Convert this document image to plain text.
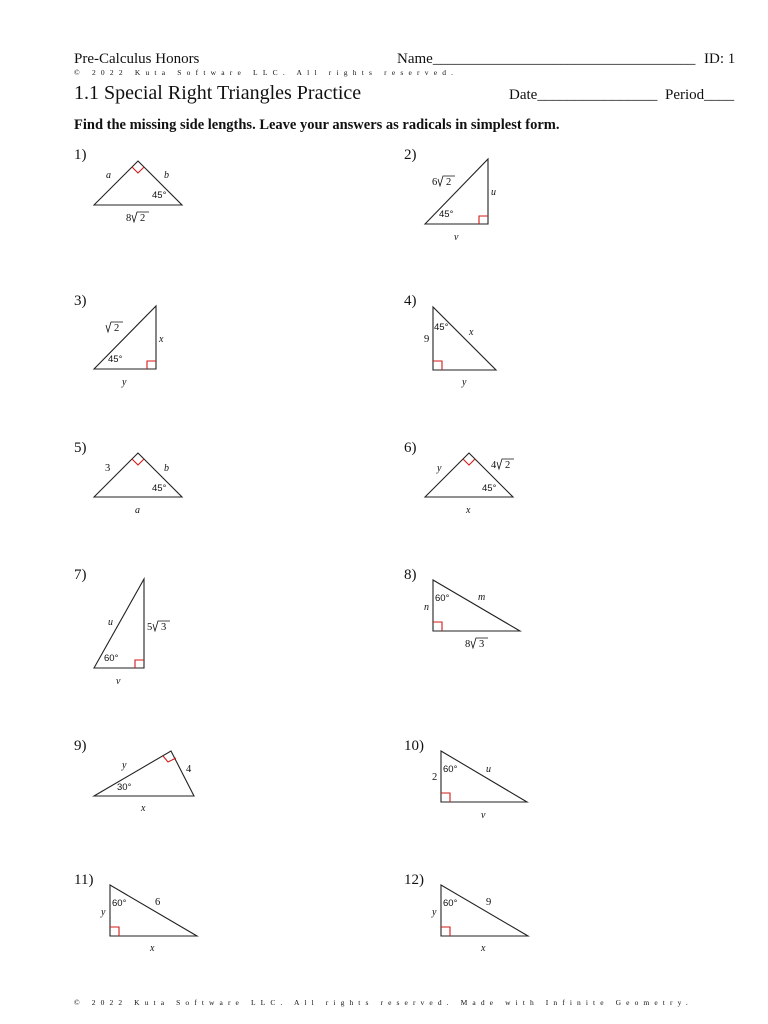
Pre-Calculus Honors	Name___________________________________ ID: 1
© 2022 Kuta Software LLC. All rights reserved.
1.1 Special Right Triangles Practice	Date________________ Period____
Find the missing side lengths. Leave your answers as radicals in simplest form.
1)	2)
3)	4)
5)	6)
7)	8)
9)	10)
11)	12)
a	b
45°
8 2
6 2
u
45°
v
2
x
45°
y
45°
9
x
y
3	b
45°
a
y	4 2
45°
x
u	5 3
60°
v
60°	m
n
8 3
y	4
30°
x
60°	u
2
v
60°	6
y
x
60°	9
y
x
© 2022 Kuta Software LLC. All rights reserved. Made with Infinite Geometry.
